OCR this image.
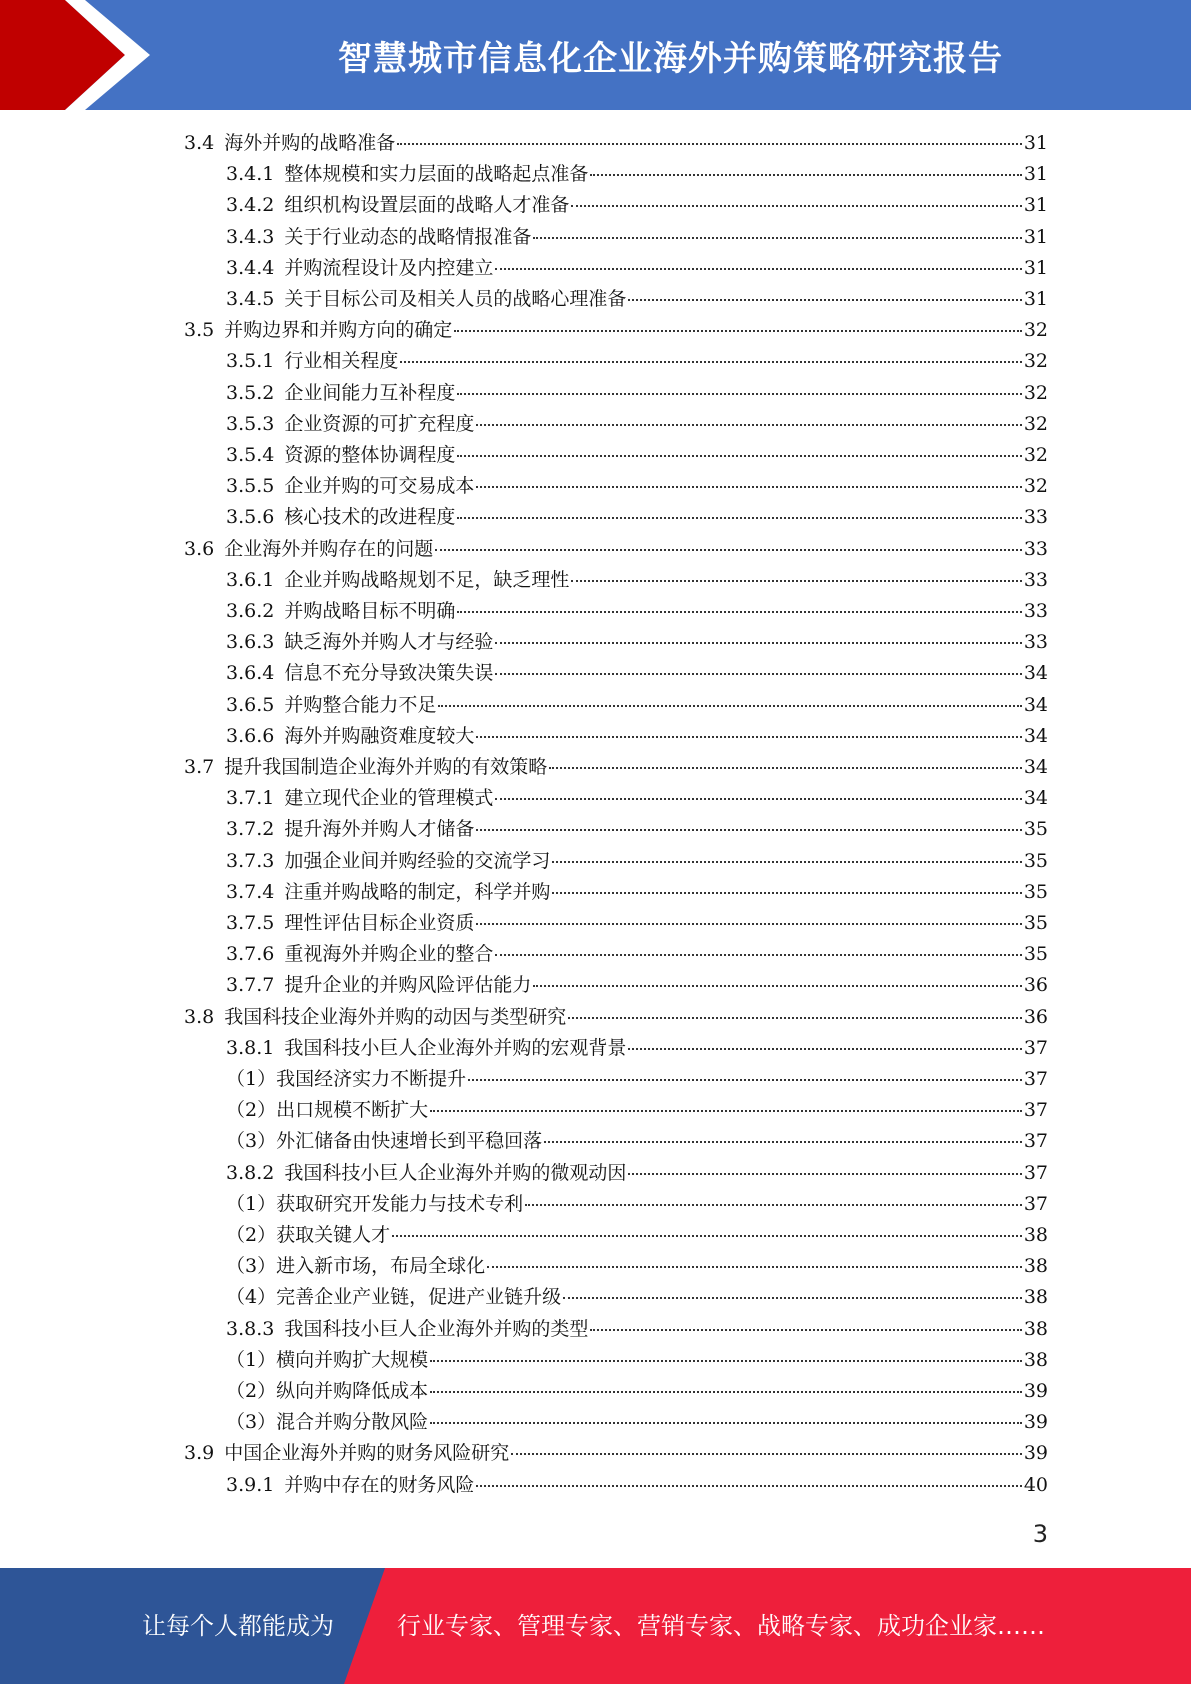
智慧城市信息化企业海外并购策略研究报告
3.4 海外并购的战略准备	31
3.4.1 整体规模和实力层面的战略起点准备	31
3.4.2 组织机构设置层面的战略人才准备	31
3.4.3 关于行业动态的战略情报准备	31
3.4.4 并购流程设计及内控建立	31
3.4.5 关于目标公司及相关人员的战略心理准备	31
3.5 并购边界和并购方向的确定	32
3.5.1 行业相关程度	32
3.5.2 企业间能力互补程度	32
3.5.3 企业资源的可扩充程度	32
3.5.4 资源的整体协调程度	32
3.5.5 企业并购的可交易成本	32
3.5.6 核心技术的改进程度	33
3.6 企业海外并购存在的问题	33
3.6.1 企业并购战略规划不足，缺乏理性	33
3.6.2 并购战略目标不明确	33
3.6.3 缺乏海外并购人才与经验	33
3.6.4 信息不充分导致决策失误	34
3.6.5 并购整合能力不足	34
3.6.6 海外并购融资难度较大	34
3.7 提升我国制造企业海外并购的有效策略	34
3.7.1 建立现代企业的管理模式	34
3.7.2 提升海外并购人才储备	35
3.7.3 加强企业间并购经验的交流学习	35
3.7.4 注重并购战略的制定，科学并购	35
3.7.5 理性评估目标企业资质	35
3.7.6 重视海外并购企业的整合	35
3.7.7 提升企业的并购风险评估能力	36
3.8 我国科技企业海外并购的动因与类型研究	36
3.8.1 我国科技小巨人企业海外并购的宏观背景	37
（1） 我国经济实力不断提升	37
（2） 出口规模不断扩大	37
（3） 外汇储备由快速增长到平稳回落	37
3.8.2 我国科技小巨人企业海外并购的微观动因	37
（1） 获取研究开发能力与技术专利	37
（2） 获取关键人才	38
（3） 进入新市场，布局全球化	38
（4） 完善企业产业链，促进产业链升级	38
3.8.3 我国科技小巨人企业海外并购的类型	38
（1） 横向并购扩大规模	38
（2） 纵向并购降低成本	39
（3） 混合并购分散风险	39
3.9 中国企业海外并购的财务风险研究	39
3.9.1 并购中存在的财务风险	40
3
让每个人都能成为	行业专家、管理专家、营销专家、战略专家、成功企业家……
